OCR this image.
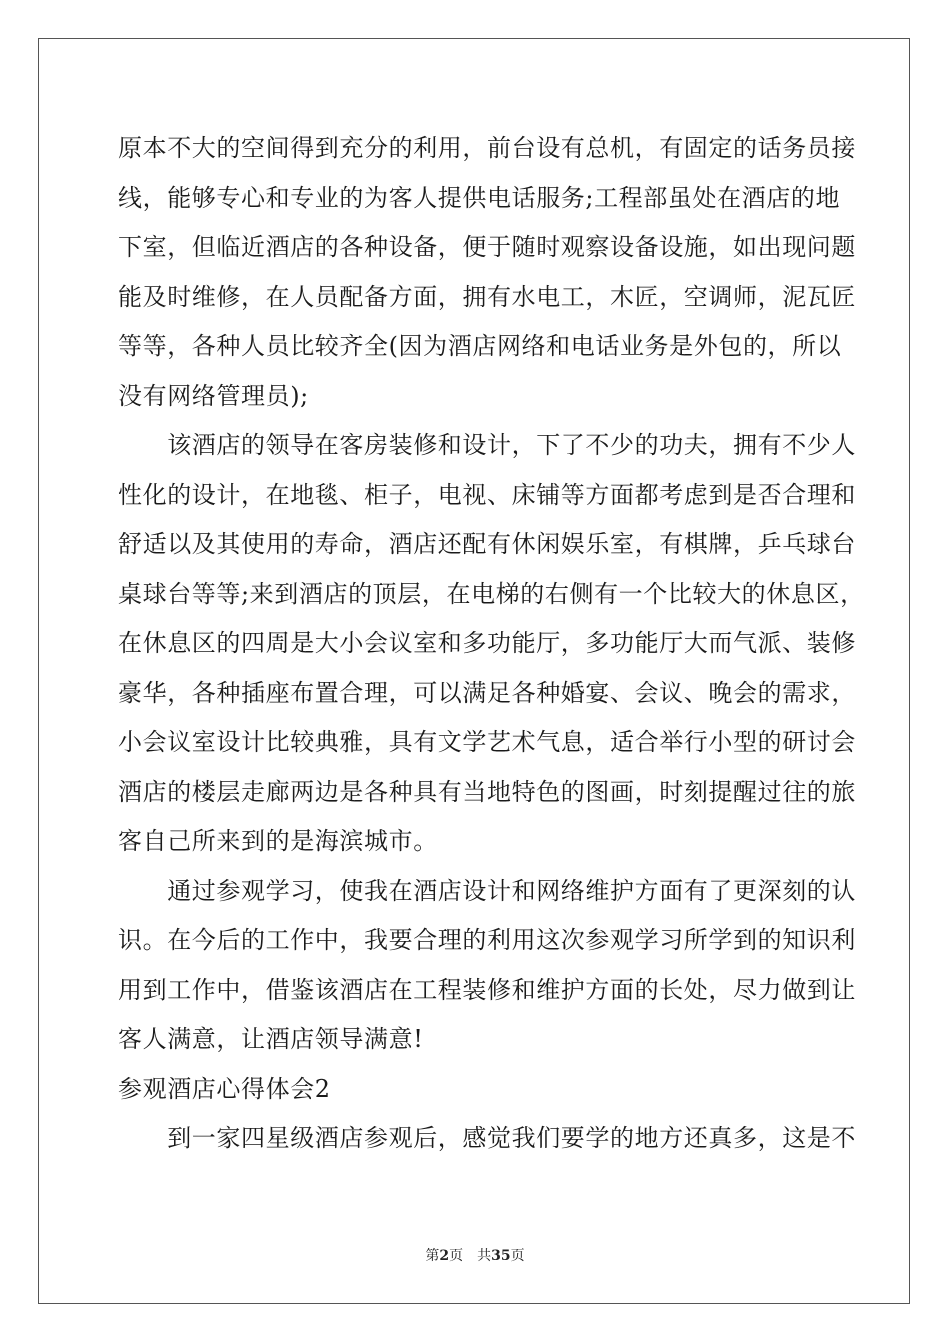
原本不大的空间得到充分的利用，前台设有总机，有固定的话务员接
线，能够专心和专业的为客人提供电话服务;工程部虽处在酒店的地
下室，但临近酒店的各种设备，便于随时观察设备设施，如出现问题
能及时维修，在人员配备方面，拥有水电工，木匠，空调师，泥瓦匠
等等，各种人员比较齐全(因为酒店网络和电话业务是外包的，所以
没有网络管理员);
　　该酒店的领导在客房装修和设计，下了不少的功夫，拥有不少人
性化的设计，在地毯、柜子，电视、床铺等方面都考虑到是否合理和
舒适以及其使用的寿命，酒店还配有休闲娱乐室，有棋牌，乒乓球台
桌球台等等;来到酒店的顶层，在电梯的右侧有一个比较大的休息区，
在休息区的四周是大小会议室和多功能厅，多功能厅大而气派、装修
豪华，各种插座布置合理，可以满足各种婚宴、会议、晚会的需求，
小会议室设计比较典雅，具有文学艺术气息，适合举行小型的研讨会
酒店的楼层走廊两边是各种具有当地特色的图画，时刻提醒过往的旅
客自己所来到的是海滨城市。
　　通过参观学习，使我在酒店设计和网络维护方面有了更深刻的认
识。在今后的工作中，我要合理的利用这次参观学习所学到的知识利
用到工作中，借鉴该酒店在工程装修和维护方面的长处，尽力做到让
客人满意，让酒店领导满意!
参观酒店心得体会2
　　到一家四星级酒店参观后，感觉我们要学的地方还真多，这是不
第2页　共35页
